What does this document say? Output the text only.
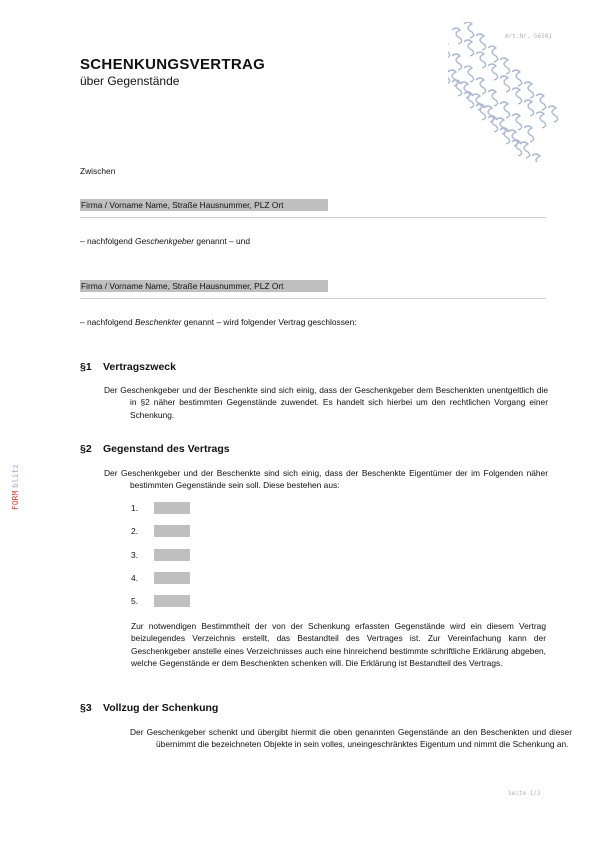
Art.Nr. 56501
SCHENKUNGSVERTRAG
über Gegenstände
Zwischen
Firma / Vorname Name, Straße Hausnummer, PLZ Ort
– nachfolgend Geschenkgeber genannt – und
Firma / Vorname Name, Straße Hausnummer, PLZ Ort
– nachfolgend Beschenkter genannt – wird folgender Vertrag geschlossen:
§1 Vertragszweck
Der Geschenkgeber und der Beschenkte sind sich einig, dass der Geschenkgeber dem Beschenkten unentgeltlich die in §2 näher bestimmten Gegenstände zuwendet. Es handelt sich hierbei um den rechtlichen Vorgang einer Schenkung.
§2 Gegenstand des Vertrags
Der Geschenkgeber und der Beschenkte sind sich einig, dass der Beschenkte Eigentümer der im Folgenden näher bestimmten Gegenstände sein soll. Diese bestehen aus:
1.
2.
3.
4.
5.
Zur notwendigen Bestimmtheit der von der Schenkung erfassten Gegenstände wird ein diesem Vertrag beizulegendes Verzeichnis erstellt, das Bestandteil des Vertrages ist. Zur Vereinfachung kann der Geschenkgeber anstelle eines Verzeichnisses auch eine hinreichend bestimmte schriftliche Erklärung abgeben, welche Gegenstände er dem Beschenkten schenken will. Die Erklärung ist Bestandteil des Vertrags.
§3 Vollzug der Schenkung
Der Geschenkgeber schenkt und übergibt hiermit die oben genannten Gegenstände an den Beschenkten und dieser übernimmt die bezeichneten Objekte in sein volles, uneingeschränktes Eigentum und nimmt die Schenkung an.
FORM
blitz
Seite 1/3
